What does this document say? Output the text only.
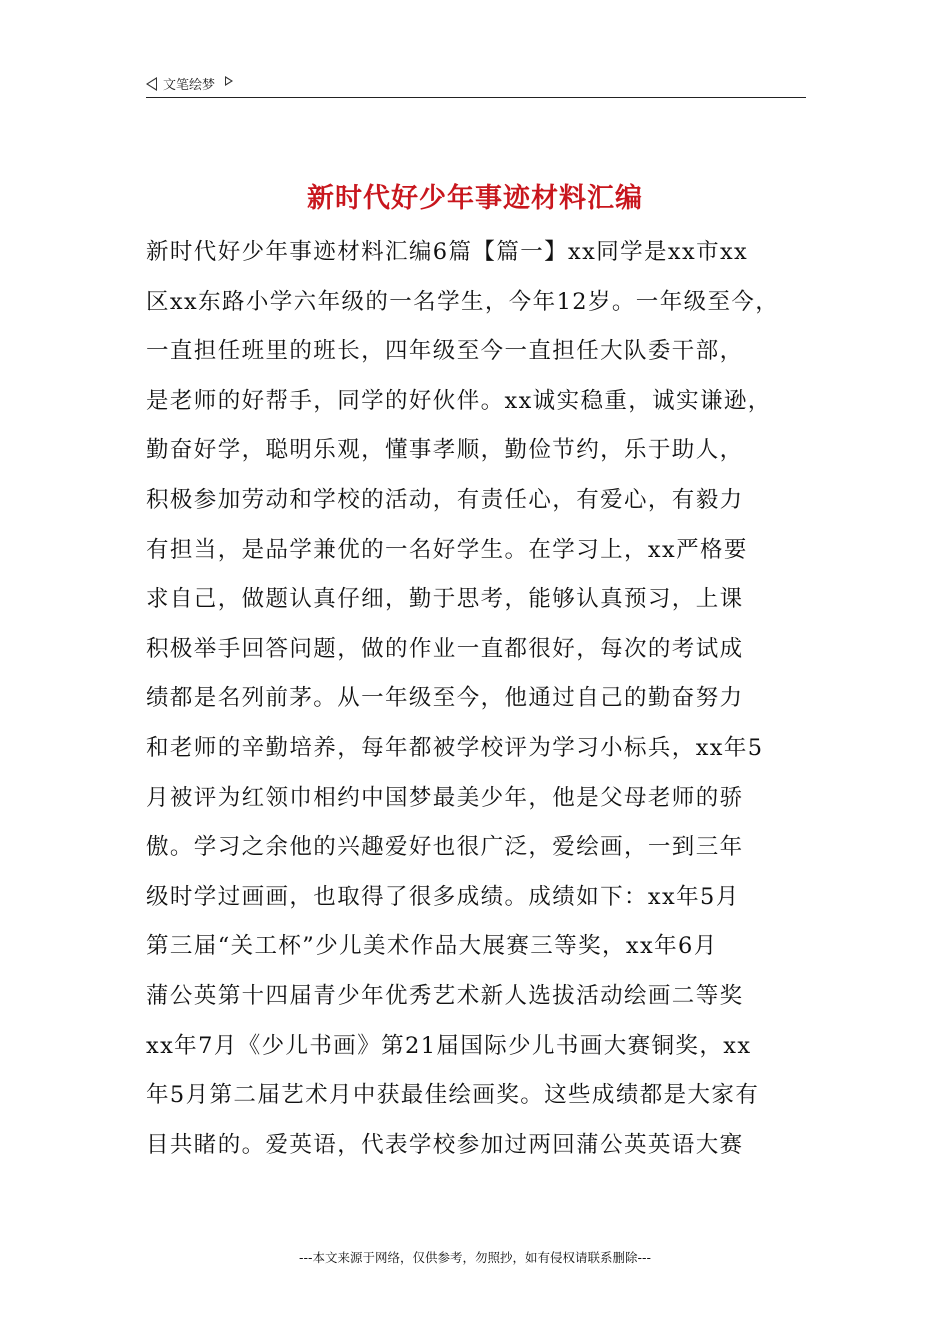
文笔绘梦
新时代好少年事迹材料汇编
新时代好少年事迹材料汇编6篇【篇一】xx同学是xx市xx
区xx东路小学六年级的一名学生，今年12岁。一年级至今，
一直担任班里的班长，四年级至今一直担任大队委干部，
是老师的好帮手，同学的好伙伴。xx诚实稳重，诚实谦逊，
勤奋好学，聪明乐观，懂事孝顺，勤俭节约，乐于助人，
积极参加劳动和学校的活动，有责任心，有爱心，有毅力
有担当，是品学兼优的一名好学生。在学习上，xx严格要
求自己，做题认真仔细，勤于思考，能够认真预习，上课
积极举手回答问题，做的作业一直都很好，每次的考试成
绩都是名列前茅。从一年级至今，他通过自己的勤奋努力
和老师的辛勤培养，每年都被学校评为学习小标兵，xx年5
月被评为红领巾相约中国梦最美少年，他是父母老师的骄
傲。学习之余他的兴趣爱好也很广泛，爱绘画，一到三年
级时学过画画，也取得了很多成绩。成绩如下：xx年5月
第三届“关工杯”少儿美术作品大展赛三等奖，xx年6月
蒲公英第十四届青少年优秀艺术新人选拔活动绘画二等奖
xx年7月《少儿书画》第21届国际少儿书画大赛铜奖，xx
年5月第二届艺术月中获最佳绘画奖。这些成绩都是大家有
目共睹的。爱英语，代表学校参加过两回蒲公英英语大赛
---本文来源于网络，仅供参考，勿照抄，如有侵权请联系删除---
